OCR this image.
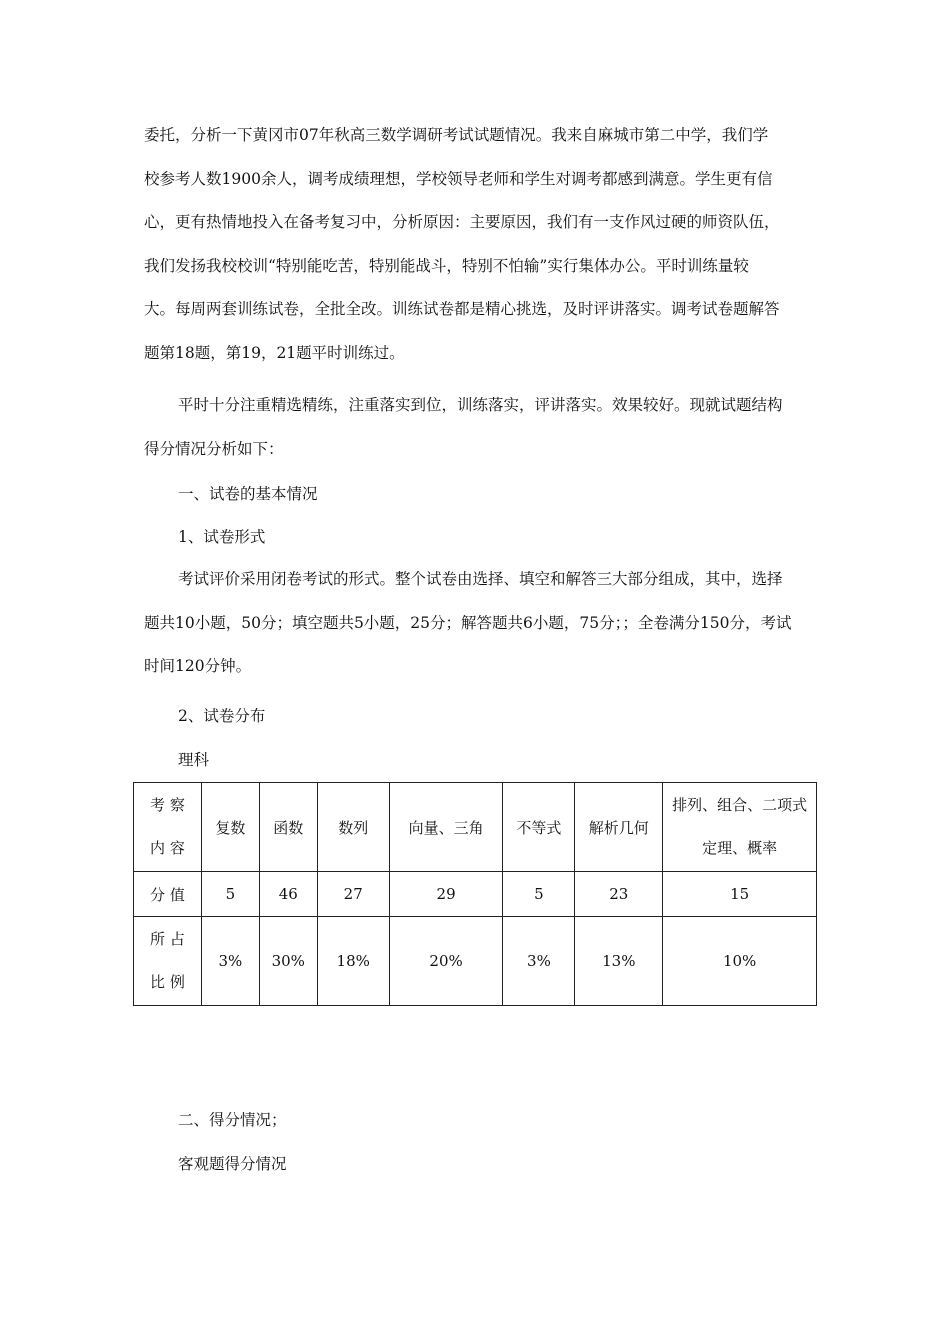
委托，分析一下黄冈市07年秋高三数学调研考试试题情况。我来自麻城市第二中学，我们学
校参考人数1900余人，调考成绩理想，学校领导老师和学生对调考都感到满意。学生更有信
心，更有热情地投入在备考复习中，分析原因：主要原因，我们有一支作风过硬的师资队伍，
我们发扬我校校训“特别能吃苦，特别能战斗，特别不怕输”实行集体办公。平时训练量较
大。每周两套训练试卷，全批全改。训练试卷都是精心挑选，及时评讲落实。调考试卷题解答
题第18题，第19，21题平时训练过。

平时十分注重精选精练，注重落实到位，训练落实，评讲落实。效果较好。现就试题结构
得分情况分析如下：

一、试卷的基本情况

1、试卷形式

考试评价采用闭卷考试的形式。整个试卷由选择、填空和解答三大部分组成，其中，选择
题共10小题，50分；填空题共5小题，25分；解答题共6小题，75分；；全卷满分150分，考试
时间120分钟。

2、试卷分布

理科

考 察
内 容	复数	函数	数列	向量、三角	不等式	解析几何	排列、组合、二项式
定理、概率

分 值	5	46	27	29	5	23	15

所 占
比 例	3%	30%	18%	20%	3%	13%	10%

二、得分情况；

客观题得分情况
